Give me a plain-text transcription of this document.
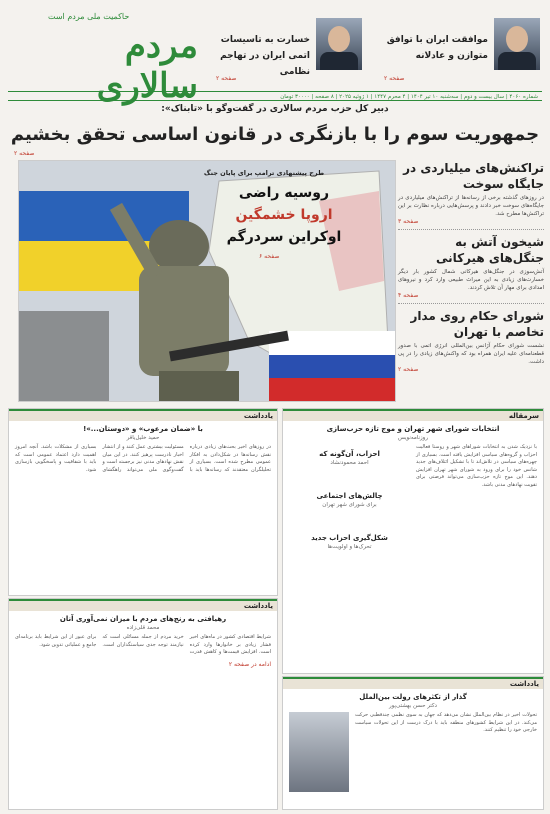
حاکمیت ملی مردم است
مردم سالاری
خسارت به تاسیسات اتمی ایران در تهاجم نظامی
صفحه ۲
موافقت ایران با توافق متوازن و عادلانه
صفحه ۲
شماره ۴۰۶۰ | سال بیست و دوم | سه‌شنبه ۱۰ تیر ۱۴۰۴ | ۴ محرم ۱۴۴۷ | ۱ ژوئیه ۲۰۲۵ | ۸ صفحه | ۳۰۰۰۰ تومان
دبیر کل حزب مردم سالاری در گفت‌وگو با «تابناک»:
جمهوریت سوم را با بازنگری در قانون اساسی تحقق بخشیم
صفحه ۲
طرح پیشنهادی ترامپ برای پایان جنگ
روسیه راضی
اروپا خشمگین
اوکراین سردرگم
صفحه ۶
تراکنش‌های میلیاردی در جایگاه سوخت

در روزهای گذشته برخی از رسانه‌ها از تراکنش‌های میلیاردی در جایگاه‌های سوخت خبر دادند و پرسش‌هایی درباره نظارت بر این تراکنش‌ها مطرح شد.

صفحه ۳
شیخون آتش به جنگل‌های هیرکانی

آتش‌سوزی در جنگل‌های هیرکانی شمال کشور بار دیگر خسارت‌های زیادی به این میراث طبیعی وارد کرد و نیروهای امدادی برای مهار آن تلاش کردند.

صفحه ۴
شورای حکام روی مدار تخاصم با تهران

نشست شورای حکام آژانس بین‌المللی انرژی اتمی با صدور قطعنامه‌ای علیه ایران همراه بود که واکنش‌های زیادی را در پی داشت.

صفحه ۲
سرمقاله
انتخابات شورای شهر تهران و موج تازه حزب‌سازی
روزنامه‌نویس
با نزدیک شدن به انتخابات شوراهای شهر و روستا فعالیت احزاب و گروه‌های سیاسی افزایش یافته است. بسیاری از چهره‌های سیاسی در تلاش‌اند تا با تشکیل ائتلاف‌های جدید شانس خود را برای ورود به شورای شهر تهران افزایش دهند. این موج تازه حزب‌سازی می‌تواند فرصتی برای تقویت نهادهای مدنی باشد.
احزاب، آن‌گونه که
احمد محمودنشاد
چالش‌های اجتماعی
برای شورای شهر تهران
شکل‌گیری احزاب جدید
تحرک‌ها و اولویت‌ها
یادداشت
گذار از تکثرهای رولت بین‌الملل
دکتر حسن بهشتی‌پور
تحولات اخیر در نظام بین‌الملل نشان می‌دهد که جهان به سوی نظمی چندقطبی حرکت می‌کند. در این شرایط کشورهای منطقه باید با درک درست از این تحولات سیاست خارجی خود را تنظیم کنند.
یادداشت
با «ضمان مرعوب» و «دوستان...»!
حمید خلیل‌یاقر
در روزهای اخیر بحث‌های زیادی درباره نقش رسانه‌ها در شکل‌دادن به افکار عمومی مطرح شده است. بسیاری از تحلیلگران معتقدند که رسانه‌ها باید با مسئولیت بیشتری عمل کنند و از انتشار اخبار نادرست پرهیز کنند. در این میان نقش نهادهای مدنی نیز برجسته است و گفت‌وگوی ملی می‌تواند راهگشای بسیاری از مشکلات باشد. آنچه امروز اهمیت دارد اعتماد عمومی است که باید با شفافیت و پاسخگویی بازسازی شود.
یادداشت
رهیافتی به رنج‌های مردم با میزان نمی‌آوری آنان
محمد قلی‌زاده
شرایط اقتصادی کشور در ماه‌های اخیر فشار زیادی بر خانوارها وارد کرده است. افزایش قیمت‌ها و کاهش قدرت خرید مردم از جمله مسائلی است که نیازمند توجه جدی سیاستگذاران است. برای عبور از این شرایط باید برنامه‌ای جامع و عملیاتی تدوین شود.
ادامه در صفحه ۲
